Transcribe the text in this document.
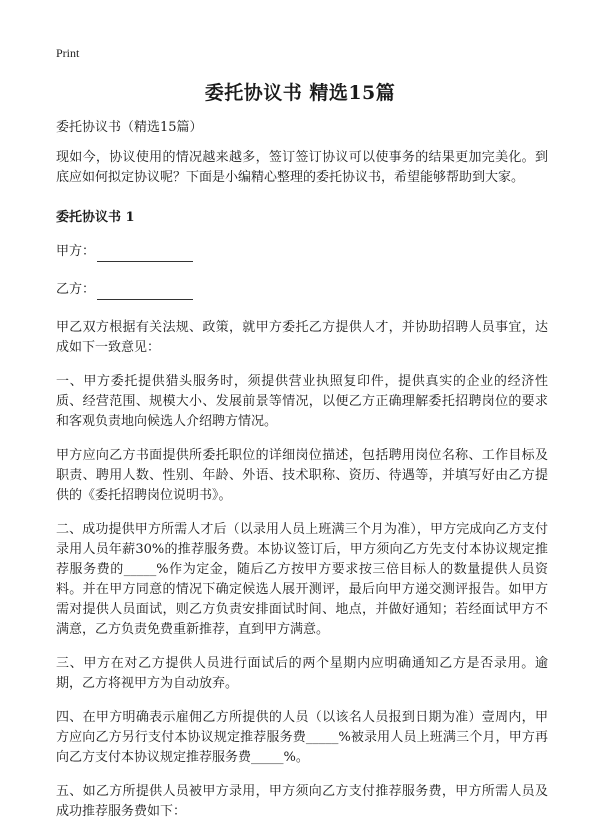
Print
委托协议书 精选15篇

委托协议书（精选15篇）

现如今，协议使用的情况越来越多，签订签订协议可以使事务的结果更加完美化。到底应如何拟定协议呢？下面是小编精心整理的委托协议书，希望能够帮助到大家。

委托协议书 1

甲方：
乙方：

甲乙双方根据有关法规、政策，就甲方委托乙方提供人才，并协助招聘人员事宜，达成如下一致意见：

一、甲方委托提供猎头服务时，须提供营业执照复印件，提供真实的企业的经济性质、经营范围、规模大小、发展前景等情况，以便乙方正确理解委托招聘岗位的要求和客观负责地向候选人介绍聘方情况。

甲方应向乙方书面提供所委托职位的详细岗位描述，包括聘用岗位名称、工作目标及职责、聘用人数、性别、年龄、外语、技术职称、资历、待遇等，并填写好由乙方提供的《委托招聘岗位说明书》。

二、成功提供甲方所需人才后（以录用人员上班满三个月为准），甲方完成向乙方支付录用人员年薪30%的推荐服务费。本协议签订后，甲方须向乙方先支付本协议规定推荐服务费的_____%作为定金，随后乙方按甲方要求按三倍目标人的数量提供人员资料。并在甲方同意的情况下确定候选人展开测评，最后向甲方递交测评报告。如甲方需对提供人员面试，则乙方负责安排面试时间、地点，并做好通知；若经面试甲方不满意，乙方负责免费重新推荐，直到甲方满意。

三、甲方在对乙方提供人员进行面试后的两个星期内应明确通知乙方是否录用。逾期，乙方将视甲方为自动放弃。

四、在甲方明确表示雇佣乙方所提供的人员（以该名人员报到日期为准）壹周内，甲方应向乙方另行支付本协议规定推荐服务费_____%被录用人员上班满三个月，甲方再向乙方支付本协议规定推荐服务费_____%。

五、如乙方所提供人员被甲方录用，甲方须向乙方支付推荐服务费，甲方所需人员及成功推荐服务费如下：
